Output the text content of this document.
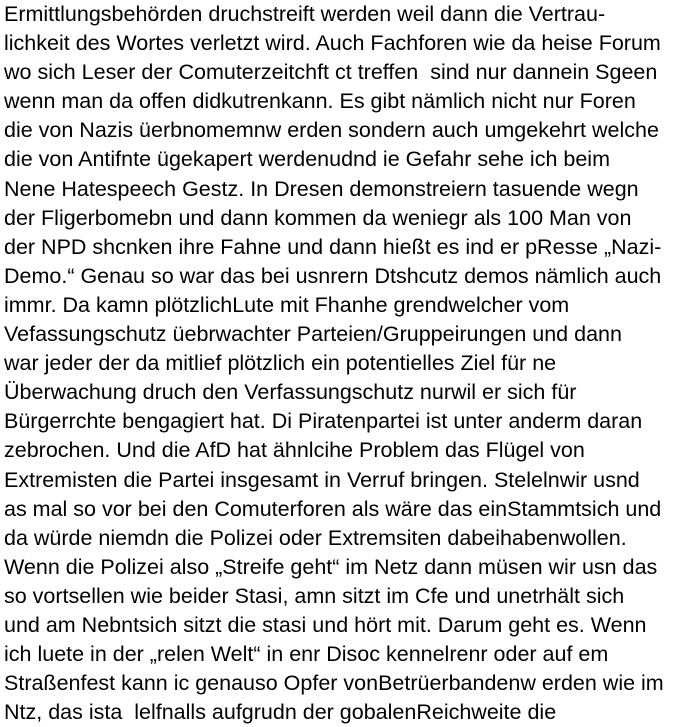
Ermittlungsbehörden druchstreift werden weil dann die Vertrau-
lichkeit des Wortes verletzt wird. Auch Fachforen wie da heise Forum
wo sich Leser der Comuterzeitchft ct treffen  sind nur dannein Sgeen
wenn man da offen didkutrenkann. Es gibt nämlich nicht nur Foren
die von Nazis üerbnomemnw erden sondern auch umgekehrt welche
die von Antifnte ügekapert werdenudnd ie Gefahr sehe ich beim
Nene Hatespeech Gestz. In Dresen demonstreiern tasuende wegn
der Fligerbomebn und dann kommen da weniegr als 100 Man von
der NPD shcnken ihre Fahne und dann hießt es ind er pResse „Nazi-
Demo.“ Genau so war das bei usnrern Dtshcutz demos nämlich auch
immr. Da kamn plötzlichLute mit Fhanhe grendwelcher vom
Vefassungschutz üebrwachter Parteien/Gruppeirungen und dann
war jeder der da mitlief plötzlich ein potentielles Ziel für ne
Überwachung druch den Verfassungschutz nurwil er sich für
Bürgerrchte bengagiert hat. Di Piratenpartei ist unter anderm daran
zebrochen. Und die AfD hat ähnlcihe Problem das Flügel von
Extremisten die Partei insgesamt in Verruf bringen. Stelelnwir usnd
as mal so vor bei den Comuterforen als wäre das einStammtsich und
da würde niemdn die Polizei oder Extremsiten dabeihabenwollen.
Wenn die Polizei also „Streife geht“ im Netz dann müsen wir usn das
so vortsellen wie beider Stasi, amn sitzt im Cfe und unetrhält sich
und am Nebntsich sitzt die stasi und hört mit. Darum geht es. Wenn
ich luete in der „relen Welt“ in enr Disoc kennelrenr oder auf em
Straßenfest kann ic genauso Opfer vonBetrüerbandenw erden wie im
Ntz, das ista  lelfnalls aufgrudn der gobalenReichweite die
